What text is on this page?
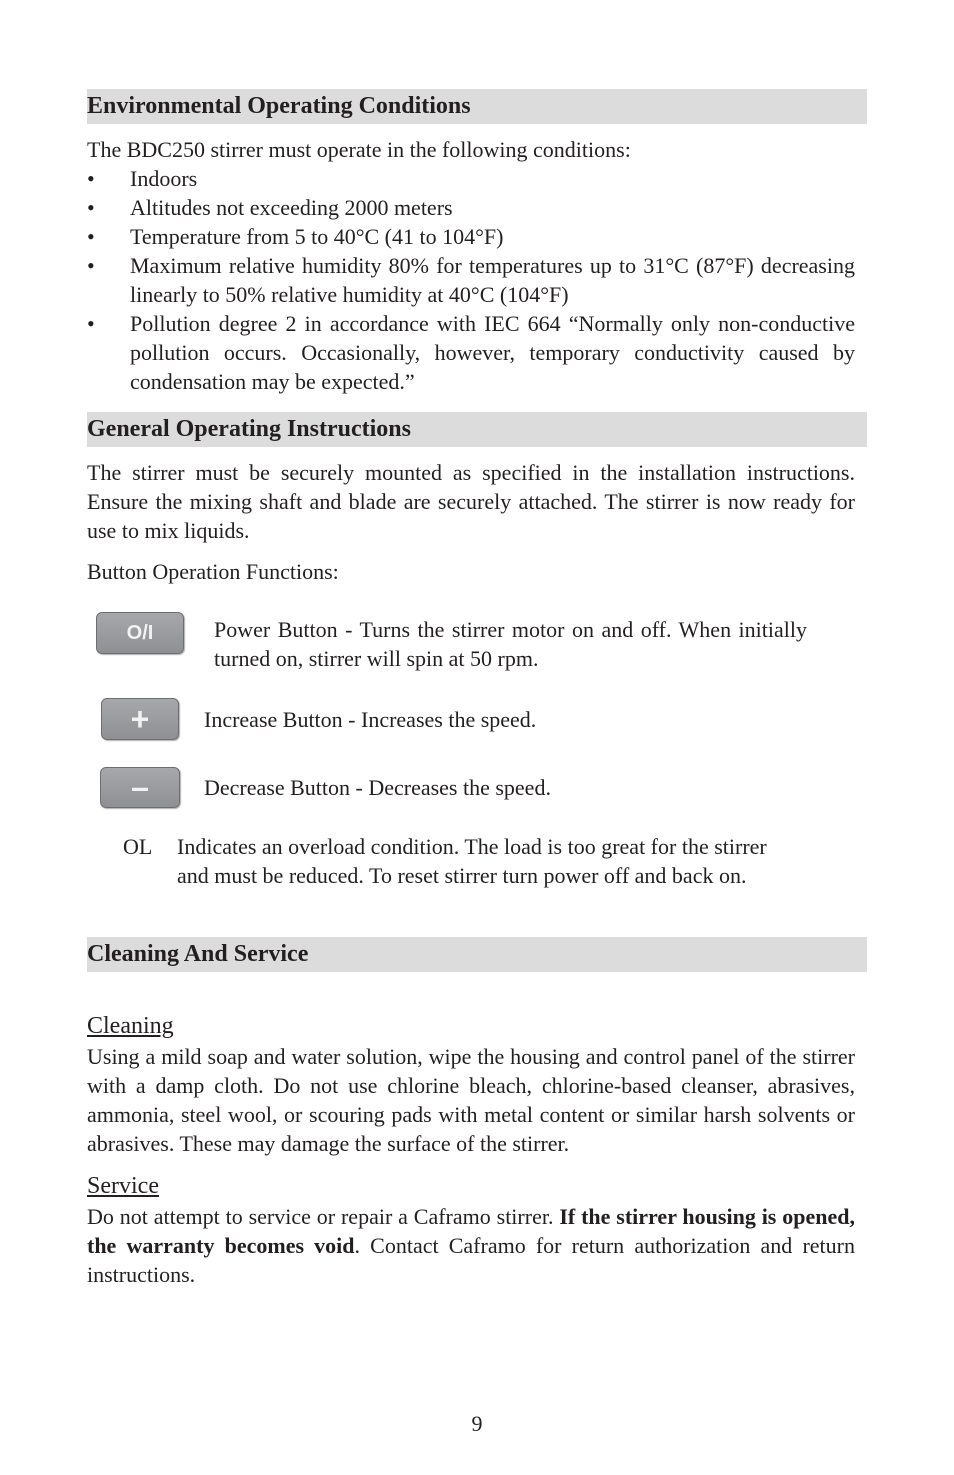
Environmental Operating Conditions
The BDC250 stirrer must operate in the following conditions:
• Indoors
• Altitudes not exceeding 2000 meters
• Temperature from 5 to 40°C (41 to 104°F)
• Maximum relative humidity 80% for temperatures up to 31°C (87°F) decreasing linearly to 50% relative humidity at 40°C (104°F)
• Pollution degree 2 in accordance with IEC 664 “Normally only non-conductive pollution occurs. Occasionally, however, temporary conductivity caused by condensation may be expected.”
General Operating Instructions
The stirrer must be securely mounted as specified in the installation instructions. Ensure the mixing shaft and blade are securely attached. The stirrer is now ready for use to mix liquids.
Button Operation Functions:
O/I	Power Button - Turns the stirrer motor on and off. When initially turned on, stirrer will spin at 50 rpm.
+ Increase Button - Increases the speed.
–	Decrease Button - Decreases the speed.
OL	Indicates an overload condition. The load is too great for the stirrer and must be reduced. To reset stirrer turn power off and back on.
Cleaning And Service
Cleaning
Using a mild soap and water solution, wipe the housing and control panel of the stirrer with a damp cloth. Do not use chlorine bleach, chlorine-based cleanser, abrasives, ammonia, steel wool, or scouring pads with metal content or similar harsh solvents or abrasives. These may damage the surface of the stirrer.
Service
Do not attempt to service or repair a Caframo stirrer. If the stirrer housing is opened, the warranty becomes void. Contact Caframo for return authorization and return instructions.
9
